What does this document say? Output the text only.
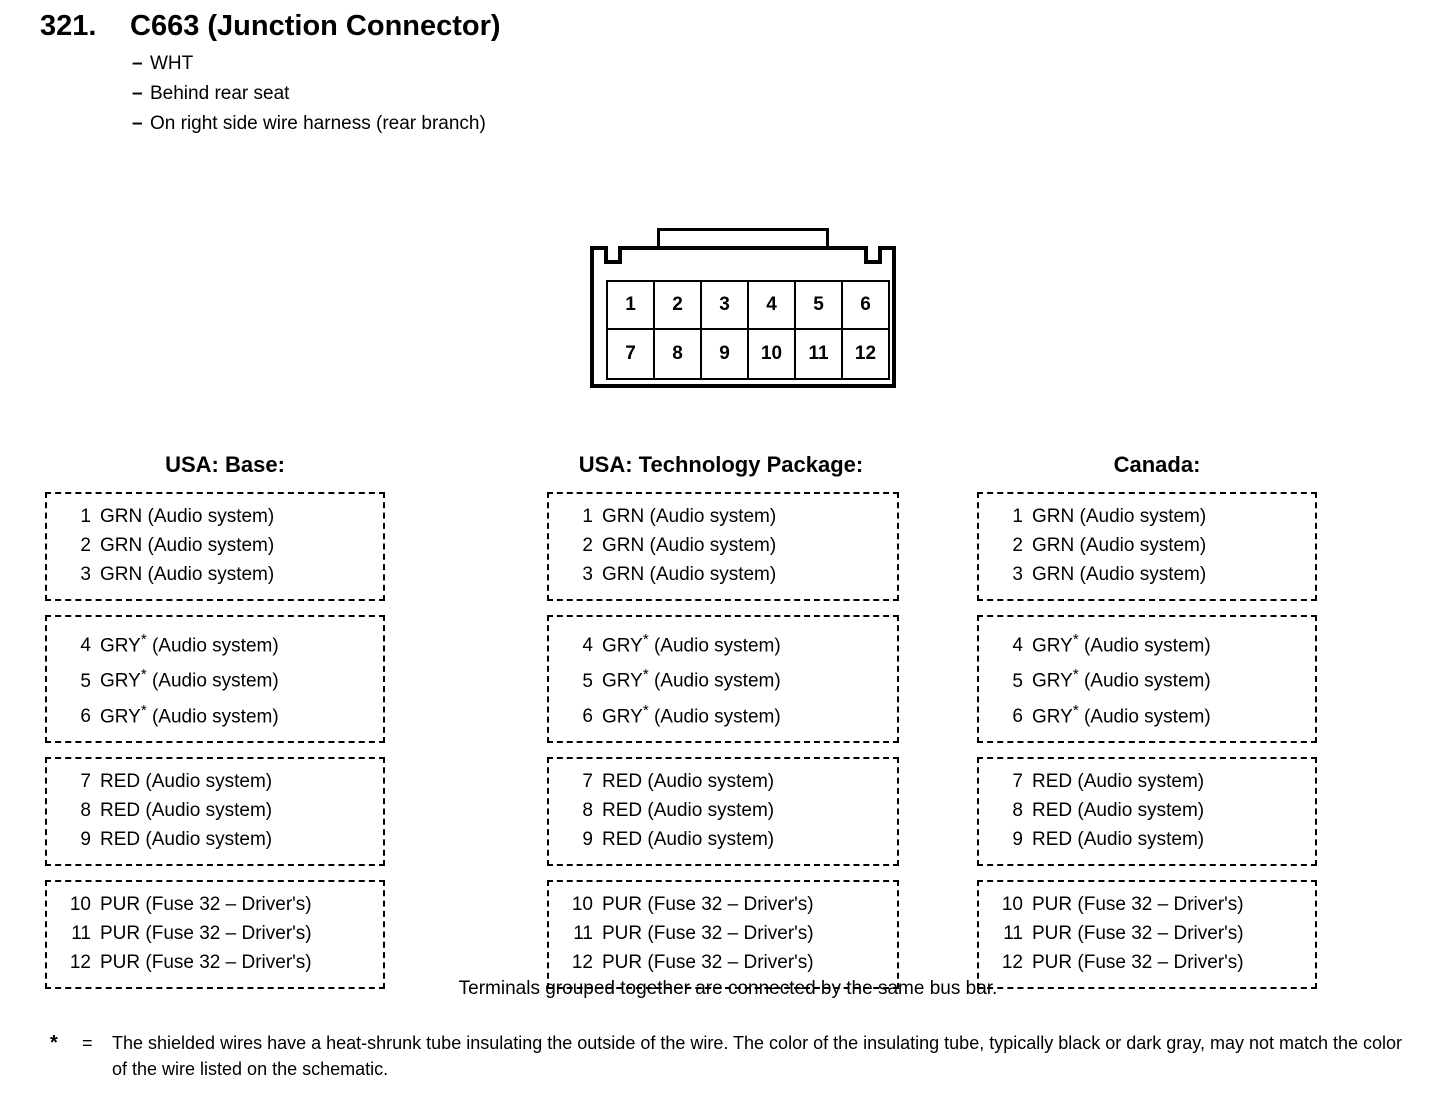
321.	C663 (Junction Connector)
– WHT
– Behind rear seat
– On right side wire harness (rear branch)
1	2	3	4	5	6
7	8	9	10	11	12
USA: Base:
1 GRN (Audio system)
2 GRN (Audio system)
3 GRN (Audio system)
4 GRY* (Audio system)
5 GRY* (Audio system)
6 GRY* (Audio system)
7 RED (Audio system)
8 RED (Audio system)
9 RED (Audio system)
10 PUR (Fuse 32 – Driver's)
11 PUR (Fuse 32 – Driver's)
12 PUR (Fuse 32 – Driver's)
USA: Technology Package:
1 GRN (Audio system)
2 GRN (Audio system)
3 GRN (Audio system)
4 GRY* (Audio system)
5 GRY* (Audio system)
6 GRY* (Audio system)
7 RED (Audio system)
8 RED (Audio system)
9 RED (Audio system)
10 PUR (Fuse 32 – Driver's)
11 PUR (Fuse 32 – Driver's)
12 PUR (Fuse 32 – Driver's)
Canada:
1 GRN (Audio system)
2 GRN (Audio system)
3 GRN (Audio system)
4 GRY* (Audio system)
5 GRY* (Audio system)
6 GRY* (Audio system)
7 RED (Audio system)
8 RED (Audio system)
9 RED (Audio system)
10 PUR (Fuse 32 – Driver's)
11 PUR (Fuse 32 – Driver's)
12 PUR (Fuse 32 – Driver's)
Terminals grouped together are connected by the same bus bar.
*	=	The shielded wires have a heat-shrunk tube insulating the outside of the wire. The color of the insulating tube, typically black or dark gray, may not match the color of the wire listed on the schematic.
